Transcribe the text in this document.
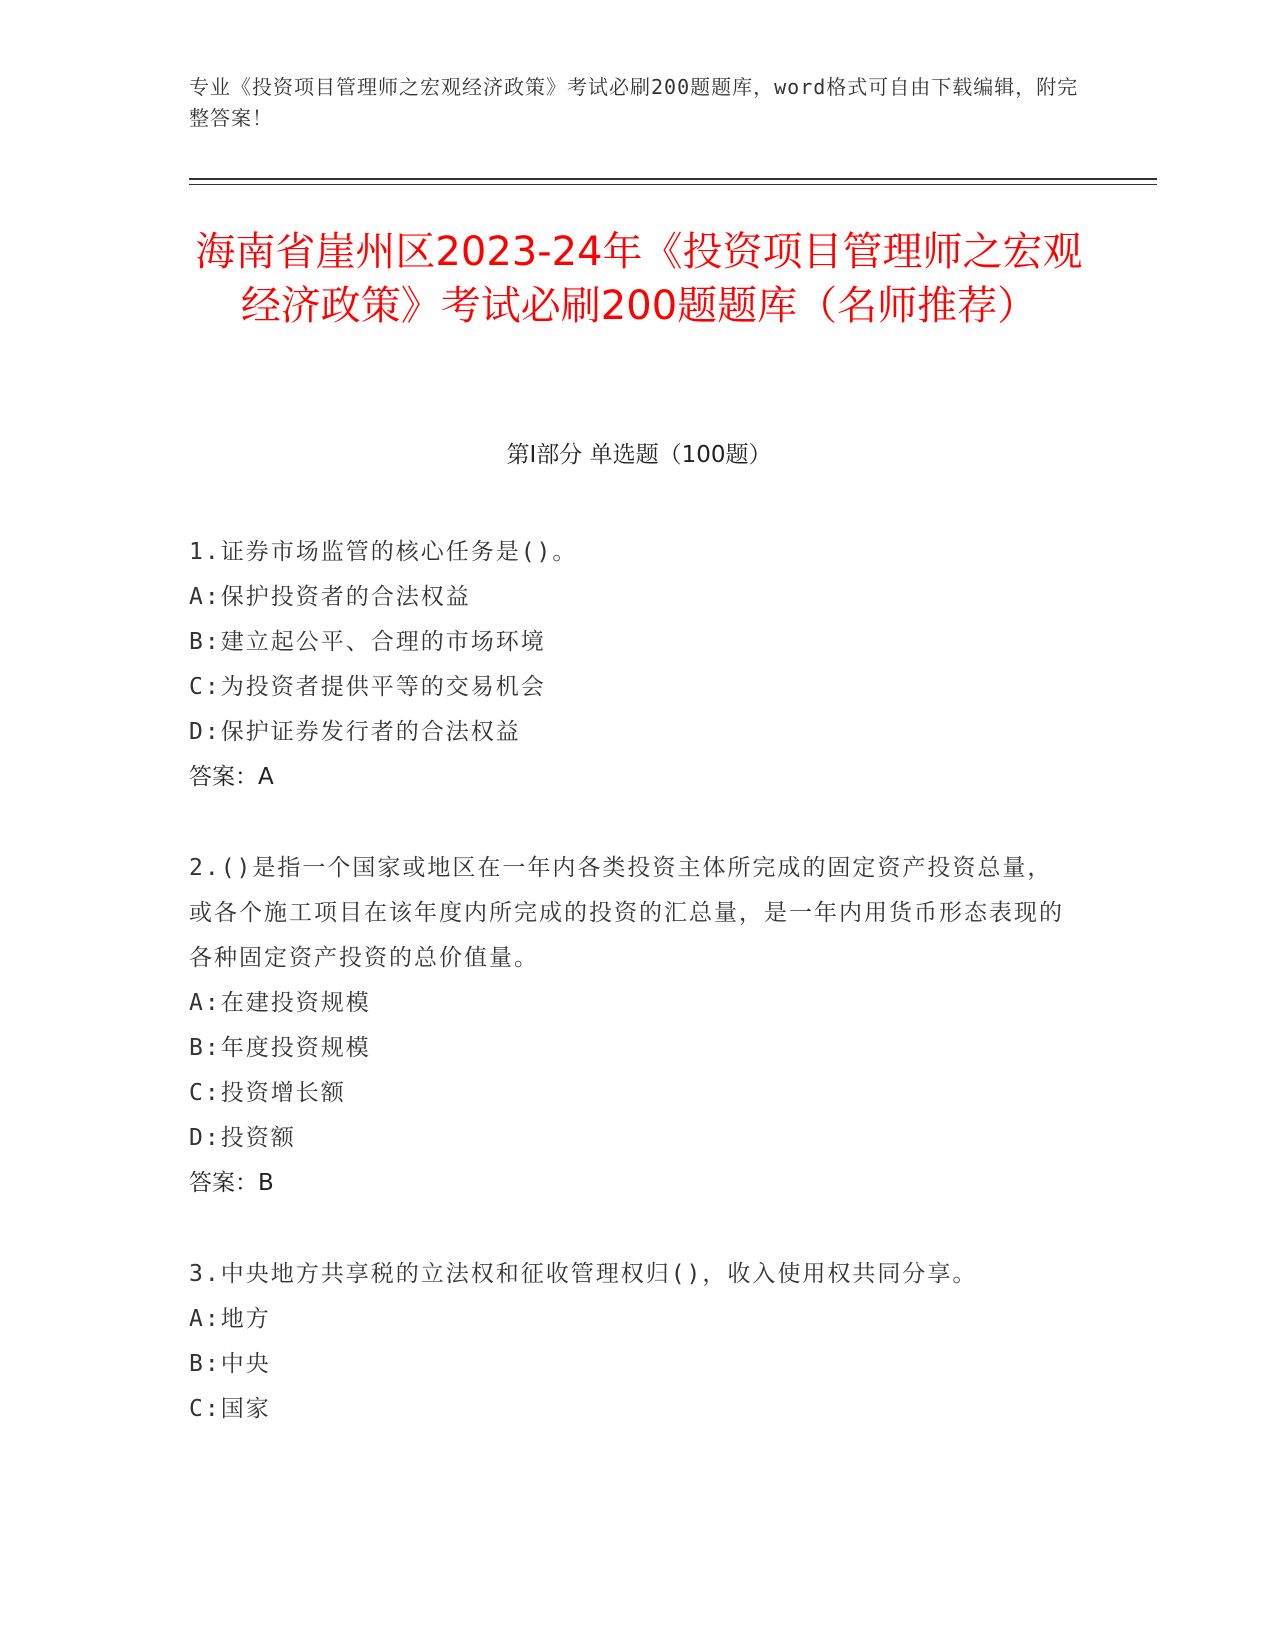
专业《投资项目管理师之宏观经济政策》考试必刷200题题库，word格式可自由下载编辑，附完整答案！
海南省崖州区2023-24年《投资项目管理师之宏观经济政策》考试必刷200题题库（名师推荐）
第Ⅰ部分 单选题（100题）
1.证券市场监管的核心任务是()。
A:保护投资者的合法权益
B:建立起公平、合理的市场环境
C:为投资者提供平等的交易机会
D:保护证券发行者的合法权益
答案：A
2.()是指一个国家或地区在一年内各类投资主体所完成的固定资产投资总量，或各个施工项目在该年度内所完成的投资的汇总量，是一年内用货币形态表现的各种固定资产投资的总价值量。
A:在建投资规模
B:年度投资规模
C:投资增长额
D:投资额
答案：B
3.中央地方共享税的立法权和征收管理权归()，收入使用权共同分享。
A:地方
B:中央
C:国家
